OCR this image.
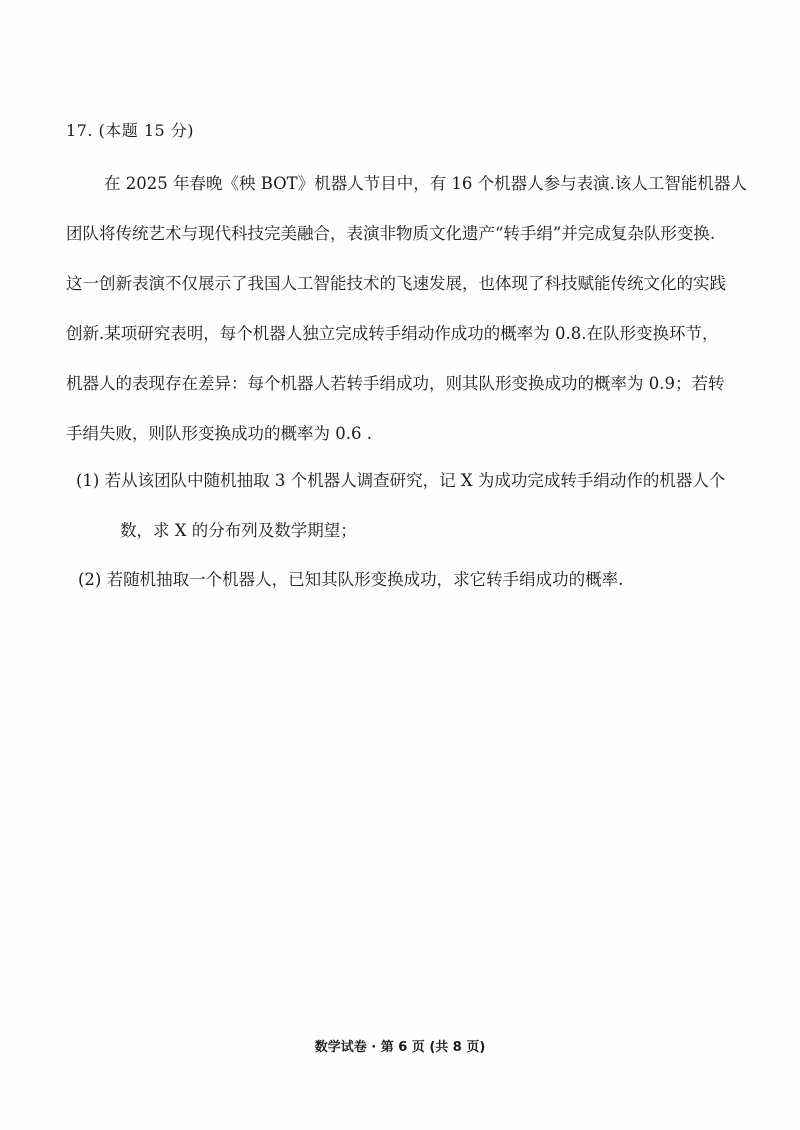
17. (本题 15 分)
在 2025 年春晚《秧 BOT》机器人节目中，有 16 个机器人参与表演.该人工智能机器人
团队将传统艺术与现代科技完美融合，表演非物质文化遗产“转手绢”并完成复杂队形变换.
这一创新表演不仅展示了我国人工智能技术的飞速发展，也体现了科技赋能传统文化的实践
创新.某项研究表明，每个机器人独立完成转手绢动作成功的概率为 0.8.在队形变换环节，
机器人的表现存在差异：每个机器人若转手绢成功，则其队形变换成功的概率为 0.9；若转
手绢失败，则队形变换成功的概率为 0.6 .
(1) 若从该团队中随机抽取 3 个机器人调查研究，记 X 为成功完成转手绢动作的机器人个
数，求 X 的分布列及数学期望；
(2) 若随机抽取一个机器人，已知其队形变换成功，求它转手绢成功的概率.
数学试卷 · 第 6 页 (共 8 页)
